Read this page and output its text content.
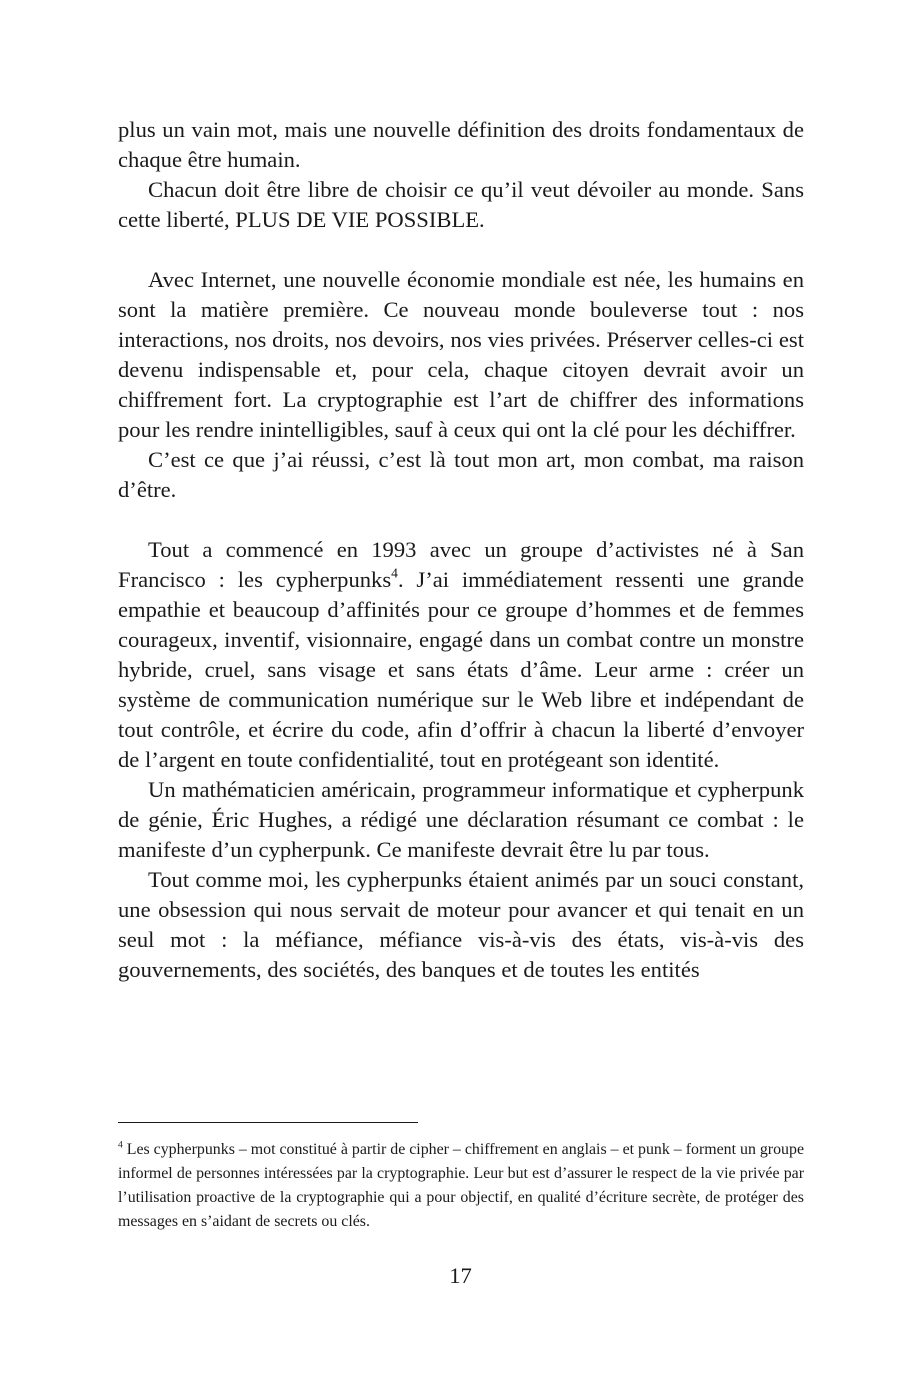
plus un vain mot, mais une nouvelle définition des droits fondamentaux de chaque être humain.

Chacun doit être libre de choisir ce qu’il veut dévoiler au monde. Sans cette liberté, PLUS DE VIE POSSIBLE.

Avec Internet, une nouvelle économie mondiale est née, les humains en sont la matière première. Ce nouveau monde bouleverse tout : nos interactions, nos droits, nos devoirs, nos vies privées. Préserver celles-ci est devenu indispensable et, pour cela, chaque citoyen devrait avoir un chiffrement fort. La cryptographie est l’art de chiffrer des informations pour les rendre inintelligibles, sauf à ceux qui ont la clé pour les déchiffrer.

C’est ce que j’ai réussi, c’est là tout mon art, mon combat, ma raison d’être.

Tout a commencé en 1993 avec un groupe d’activistes né à San Francisco : les cypherpunks$^4$. J’ai immédiatement ressenti une grande empathie et beaucoup d’affinités pour ce groupe d’hommes et de femmes courageux, inventif, visionnaire, engagé dans un combat contre un monstre hybride, cruel, sans visage et sans états d’âme. Leur arme : créer un système de communication numérique sur le Web libre et indépendant de tout contrôle, et écrire du code, afin d’offrir à chacun la liberté d’envoyer de l’argent en toute confidentialité, tout en protégeant son identité.

Un mathématicien américain, programmeur informatique et cypherpunk de génie, Éric Hughes, a rédigé une déclaration résumant ce combat : le manifeste d’un cypherpunk. Ce manifeste devrait être lu par tous.

Tout comme moi, les cypherpunks étaient animés par un souci constant, une obsession qui nous servait de moteur pour avancer et qui tenait en un seul mot : la méfiance, méfiance vis-à-vis des états, vis-à-vis des gouvernements, des sociétés, des banques et de toutes les entités

$^4$ Les cypherpunks – mot constitué à partir de cipher – chiffrement en anglais – et punk – forment un groupe informel de personnes intéressées par la cryptographie. Leur but est d’assurer le respect de la vie privée par l’utilisation proactive de la cryptographie qui a pour objectif, en qualité d’écriture secrète, de protéger des messages en s’aidant de secrets ou clés.

17
